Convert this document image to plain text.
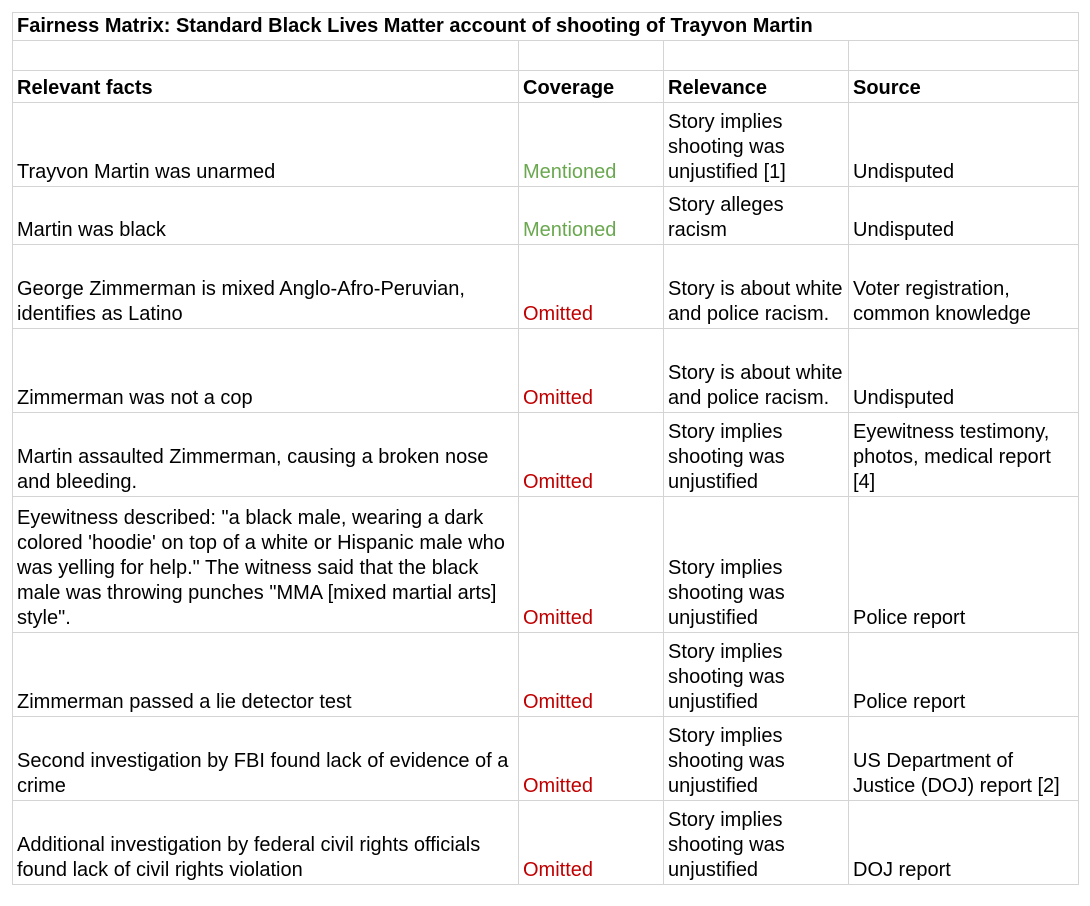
Fairness Matrix: Standard Black Lives Matter account of shooting of Trayvon Martin			

Relevant facts	Coverage	Relevance	Source
Trayvon Martin was unarmed	Mentioned	Story implies shooting was unjustified [1]	Undisputed
Martin was black	Mentioned	Story alleges racism	Undisputed
George Zimmerman is mixed Anglo-Afro-Peruvian, identifies as Latino	Omitted	Story is about white and police racism.	Voter registration, common knowledge
Zimmerman was not a cop	Omitted	Story is about white and police racism.	Undisputed
Martin assaulted Zimmerman, causing a broken nose and bleeding.	Omitted	Story implies shooting was unjustified	Eyewitness testimony, photos, medical report [4]
Eyewitness described: "a black male, wearing a dark colored 'hoodie' on top of a white or Hispanic male who was yelling for help." The witness said that the black male was throwing punches "MMA [mixed martial arts] style".	Omitted	Story implies shooting was unjustified	Police report
Zimmerman passed a lie detector test	Omitted	Story implies shooting was unjustified	Police report
Second investigation by FBI found lack of evidence of a crime	Omitted	Story implies shooting was unjustified	US Department of Justice (DOJ) report [2]
Additional investigation by federal civil rights officials found lack of civil rights violation	Omitted	Story implies shooting was unjustified	DOJ report
